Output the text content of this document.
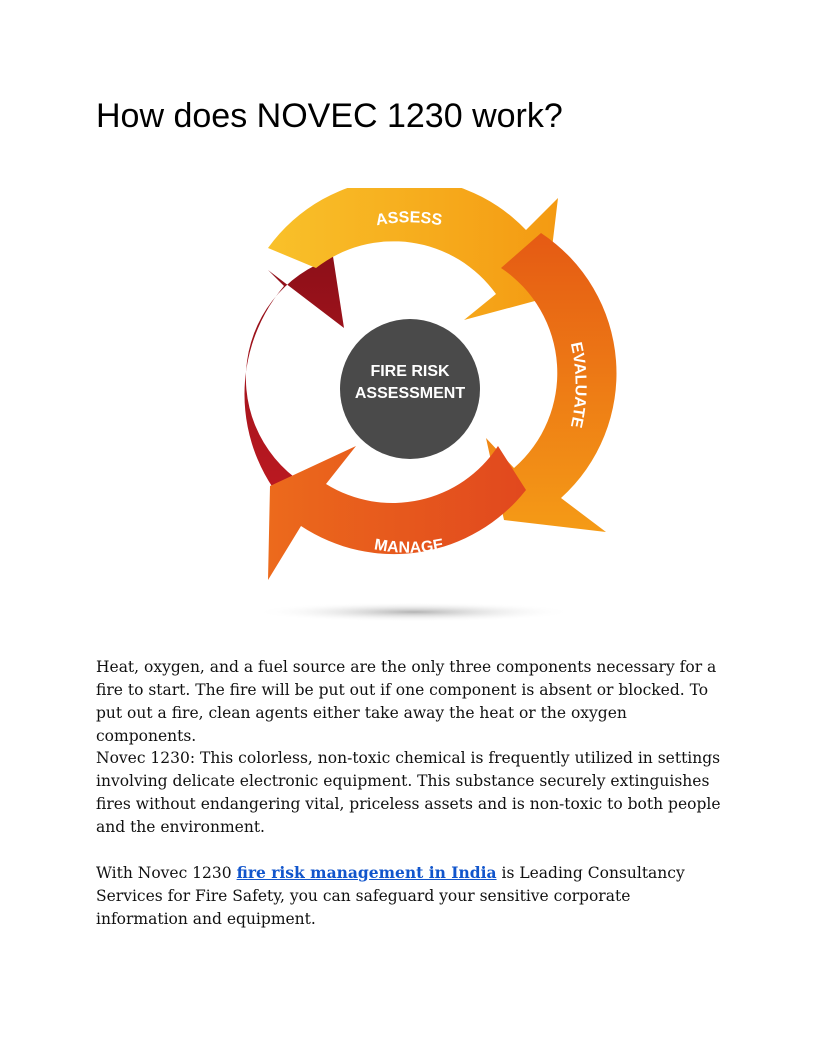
How does NOVEC 1230 work?
FIRE RISK
ASSESSMENT
ASSESS
EVALUATE
MANAGE
MEASURE

Heat, oxygen, and a fuel source are the only three components necessary for a fire to start. The fire will be put out if one component is absent or blocked. To put out a fire, clean agents either take away the heat or the oxygen components.

Novec 1230: This colorless, non-toxic chemical is frequently utilized in settings involving delicate electronic equipment. This substance securely extinguishes fires without endangering vital, priceless assets and is non-toxic to both people and the environment.

With Novec 1230 fire risk management in India is Leading Consultancy Services for Fire Safety, you can safeguard your sensitive corporate information and equipment.
